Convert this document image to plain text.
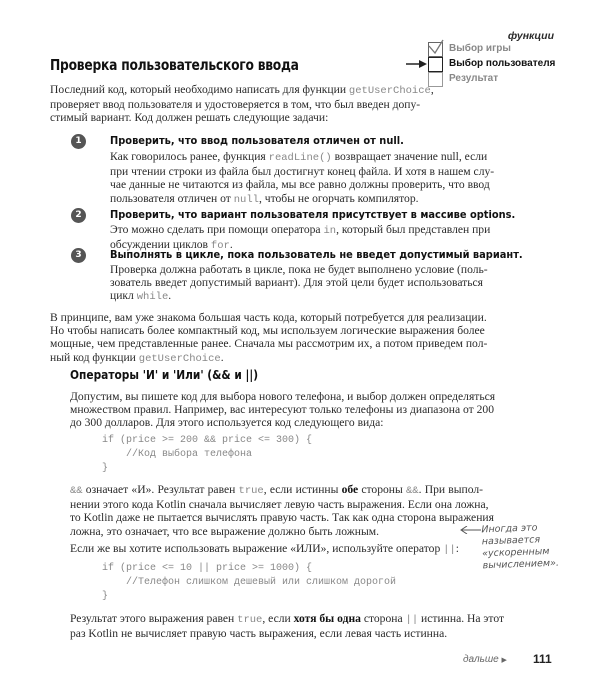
функции
Проверка пользовательского ввода
Выбор игры
Выбор пользователя
Результат
Последний код, который необходимо написать для функции getUserChoice,
проверяет ввод пользователя и удостоверяется в том, что был введен допу-
стимый вариант. Код должен решать следующие задачи:
1	Проверить, что ввод пользователя отличен от null.
Как говорилось ранее, функция readLine() возвращает значение null, если
при чтении строки из файла был достигнут конец файла. И хотя в нашем слу-
чае данные не читаются из файла, мы все равно должны проверить, что ввод
пользователя отличен от null, чтобы не огорчать компилятор.
2	Проверить, что вариант пользователя присутствует в массиве options.
Это можно сделать при помощи оператора in, который был представлен при
обсуждении циклов for.
3	Выполнять в цикле, пока пользователь не введет допустимый вариант.
Проверка должна работать в цикле, пока не будет выполнено условие (поль-
зователь введет допустимый вариант). Для этой цели будет использоваться
цикл while.
В принципе, вам уже знакома большая часть кода, который потребуется для реализации.
Но чтобы написать более компактный код, мы используем логические выражения более
мощные, чем представленные ранее. Сначала мы рассмотрим их, а потом приведем пол-
ный код функции getUserChoice.
Операторы 'И' и 'Или' (&& и ||)
Допустим, вы пишете код для выбора нового телефона, и выбор должен определяться
множеством правил. Например, вас интересуют только телефоны из диапазона от 200
до 300 долларов. Для этого используется код следующего вида:
if (price >= 200 && price <= 300) {
//Код выбора телефона
}
&& означает «И». Результат равен true, если истинны обе стороны &&. При выпол-
нении этого кода Kotlin сначала вычисляет левую часть выражения. Если она ложна,
то Kotlin даже не пытается вычислять правую часть. Так как одна сторона выражения
ложна, это означает, что все выражение должно быть ложным.
Если же вы хотите использовать выражение «ИЛИ», используйте оператор ||:
if (price <= 10 || price >= 1000) {
//Телефон слишком дешевый или слишком дорогой
}
Результат этого выражения равен true, если хотя бы одна сторона || истинна. На этот
раз Kotlin не вычисляет правую часть выражения, если левая часть истинна.
Иногда это
называется
«ускоренным
вычислением».
дальше ▶ 111
